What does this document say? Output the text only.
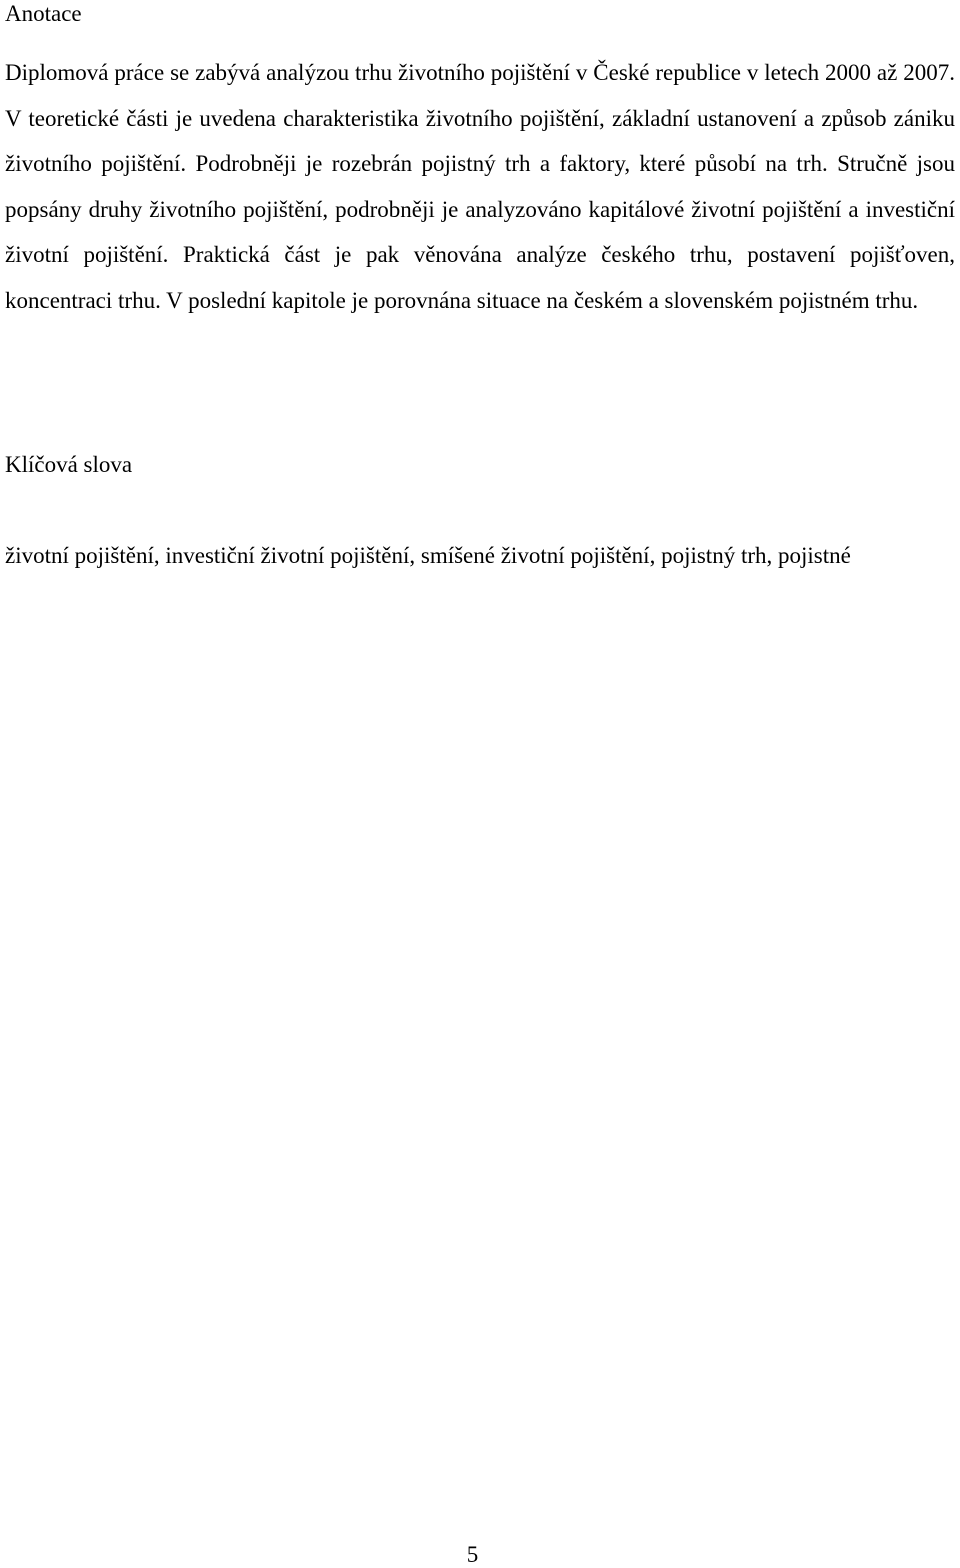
Anotace

Diplomová práce se zabývá analýzou trhu životního pojištění v České republice v letech 2000 až 2007. V teoretické části je uvedena charakteristika životního pojištění, základní ustanovení a způsob zániku životního pojištění. Podrobněji je rozebrán pojistný trh a faktory, které působí na trh. Stručně jsou popsány druhy životního pojištění, podrobněji je analyzováno kapitálové životní pojištění a investiční životní pojištění. Praktická část je pak věnována analýze českého trhu, postavení pojišťoven, koncentraci trhu. V poslední kapitole je porovnána situace na českém a slovenském pojistném trhu.

Klíčová slova

životní pojištění, investiční životní pojištění, smíšené životní pojištění, pojistný trh, pojistné

5
